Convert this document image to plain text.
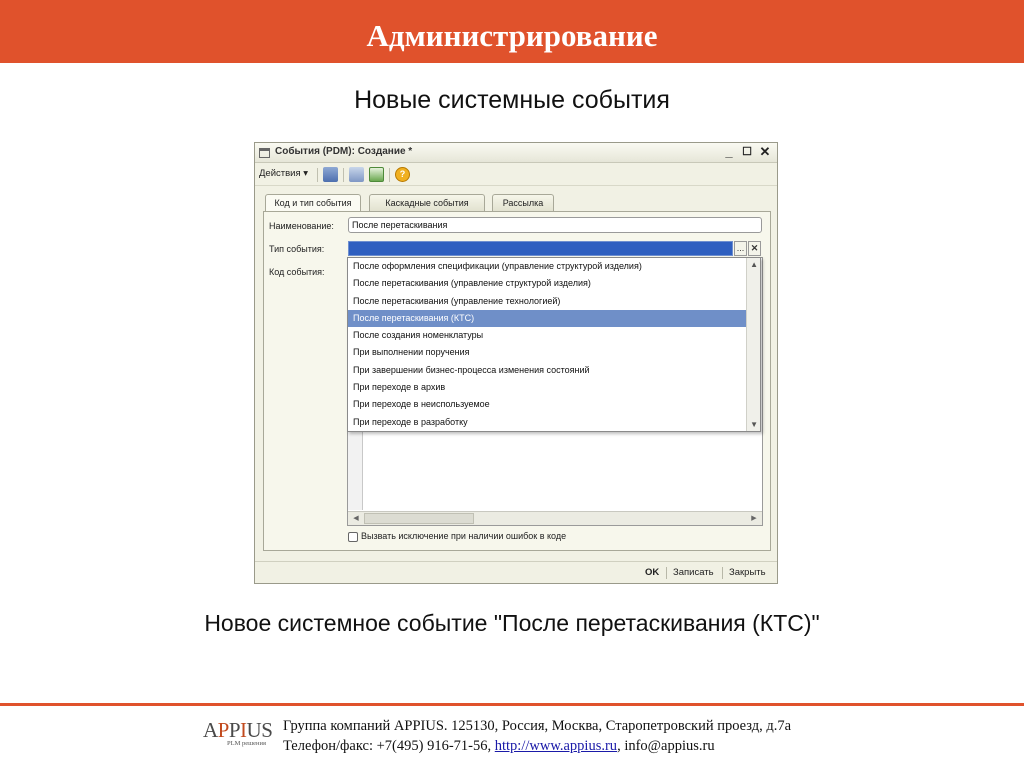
Администрирование
Новые системные события
События (PDM): Создание *	_ ☐ ✕
Действия ▾	?
Код и тип события	Каскадные события	Рассылка
Наименование:	После перетаскивания
Тип события:	... ✕
Код события:
◀	▶
После оформления спецификации (управление структурой изделия)
После перетаскивания (управление структурой изделия)
После перетаскивания (управление технологией)
После перетаскивания (КТС)
После создания номенклатуры
При выполнении поручения
При завершении бизнес-процесса изменения состояний
При переходе в архив
При переходе в неиспользуемое
При переходе в разработку
▲
▼
Вызвать исключение при наличии ошибок в коде
OK Записать Закрыть
Новое системное событие "После перетаскивания (КТС)"
APPIUS
PLM решения
Группа компаний APPIUS. 125130, Россия, Москва, Старопетровский проезд, д.7а
Телефон/факс: +7(495) 916-71-56, http://www.appius.ru, info@appius.ru
